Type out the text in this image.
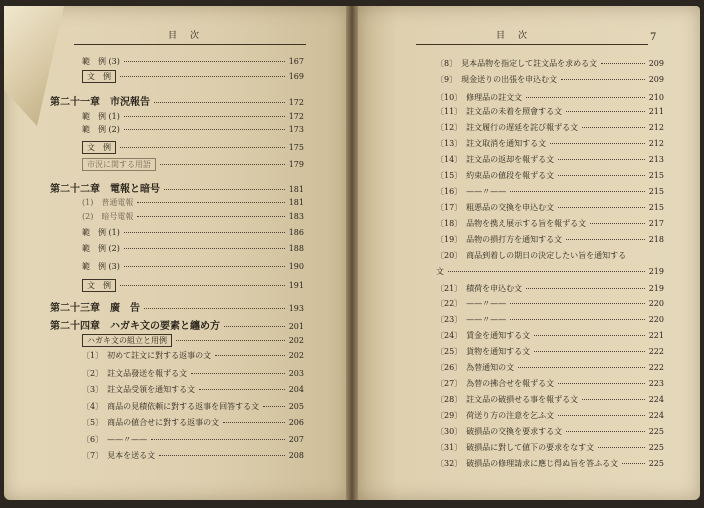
目　次	目　次	7
範　例 (3)	167
文　例	169
第二十一章　市況報告	172
範　例 (1)	172
範　例 (2)	173
文　例	175
市況に関する用語	179
第二十二章　電報と暗号	181
(1)　普通電報	181
(2)　暗号電報	183
範　例 (1)	186
範　例 (2)	188
範　例 (3)	190
文　例	191
第二十三章　廣　告	193
第二十四章　ハガキ文の要素と纏め方	201
ハガキ文の組立と用例	202
〔1〕　初めて註文に對する返事の文	202
〔2〕　註文品發送を報ずる文	203
〔3〕　註文品受領を通知する文	204
〔4〕　商品の見積依頼に對する返事を回答する文	205
〔5〕　商品の値合せに對する返事の文	206
〔6〕　——〃——	207
〔7〕　見本を送る文	208
〔8〕　見本品物を指定して註文品を求める文	209
〔9〕　現金送りの出張を申込む文	209
〔10〕　修理品の註文文	210
〔11〕　註文品の未着を照會する文	211
〔12〕　註文履行の遅延を詫び報ずる文	212
〔13〕　註文取消を通知する文	212
〔14〕　註文品の返却を報ずる文	213
〔15〕　約束品の値段を報ずる文	215
〔16〕　——〃——	215
〔17〕　粗悪品の交換を申込む文	215
〔18〕　品物を携え展示する旨を報ずる文	217
〔19〕　品物の損打方を通知する文	218
〔20〕　商品到着しの期日の決定したい旨を通知する
文	219
〔21〕　積荷を申込む文	219
〔22〕　——〃——	220
〔23〕　——〃——	220
〔24〕　賃金を通知する文	221
〔25〕　貨物を通知する文	222
〔26〕　為替通知の文	222
〔27〕　為替の拂合せを報ずる文	223
〔28〕　註文品の破損せる事を報ずる文	224
〔29〕　荷送り方の注意を乞ふ文	224
〔30〕　破損品の交換を要求する文	225
〔31〕　破損品に對して値下の要求をなす文	225
〔32〕　破損品の修理請求に應じ得ぬ旨を答ふる文	225
